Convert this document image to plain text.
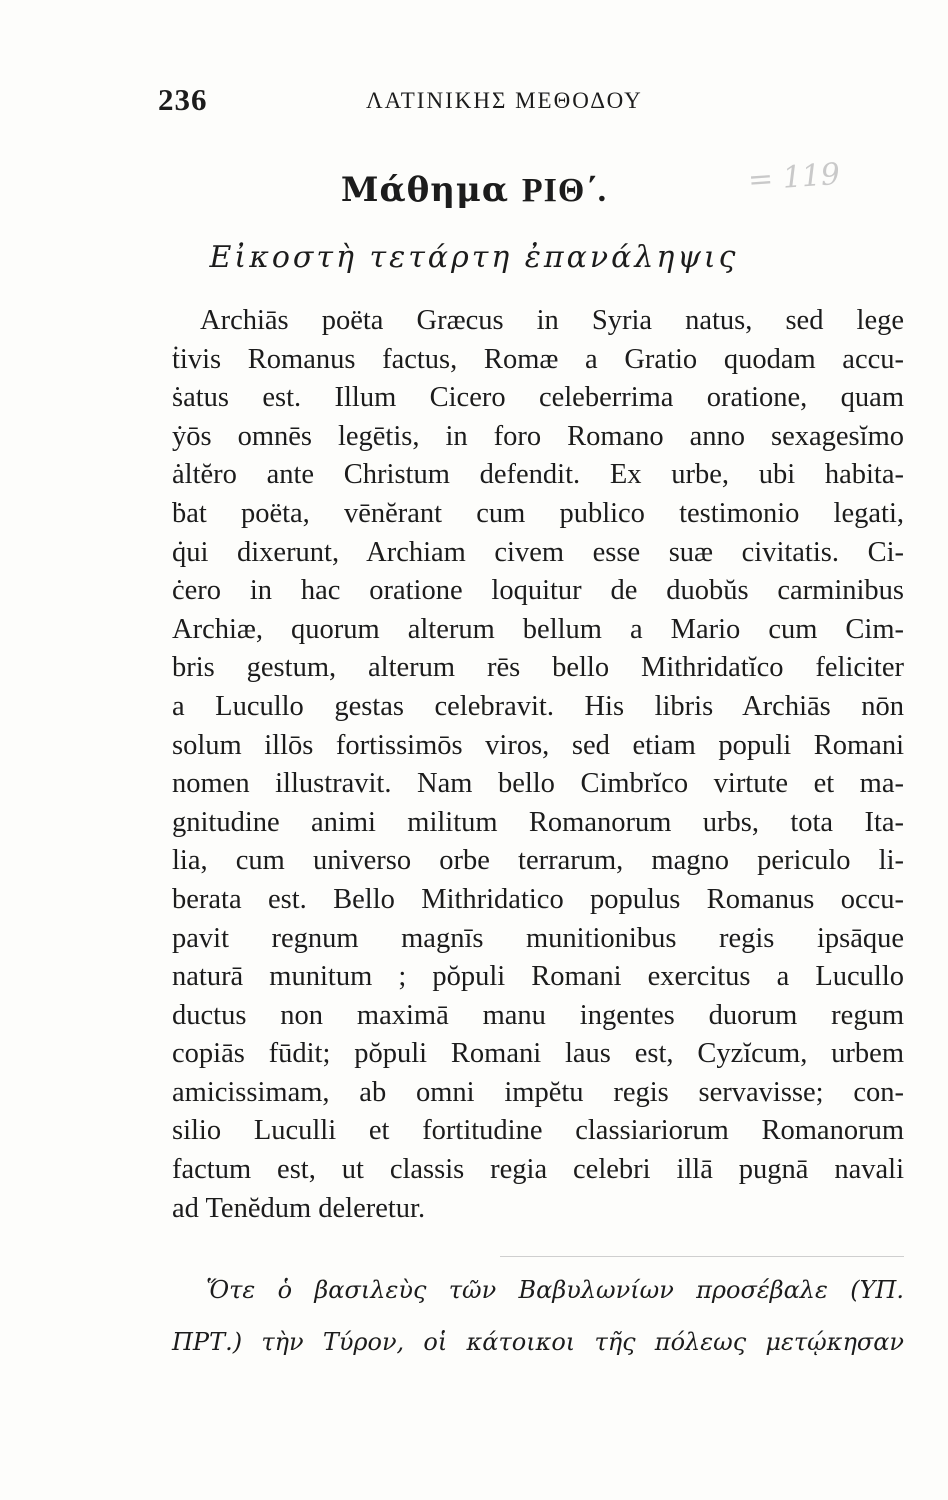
236	ΛΑΤΙΝΙΚΗΣ ΜΕΘΟΔΟΥ
Μάθημα ΡΙΘ΄.	= 119
Εἰκοστὴ τετάρτη ἐπανάληψις
Archiās poëta Græcus in Syria natus, sed lege
ṫivis Romanus factus, Romæ a Gratio quodam accu-
ṡatus est. Illum Cicero celeberrima oratione, quam
ẏōs omnēs legētis, in foro Romano anno sexagesĭmo
ȧltĕro ante Christum defendit. Ex urbe, ubi habita-
ḃat poëta, vēnĕrant cum publico testimonio legati,
q̇ui dixerunt, Archiam civem esse suæ civitatis. Ci-
ċero in hac oratione loquitur de duobŭs carminibus
Archiæ, quorum alterum bellum a Mario cum Cim-
bris gestum, alterum rēs bello Mithridatĭco feliciter
a Lucullo gestas celebravit. His libris Archiās nōn
solum illōs fortissimōs viros, sed etiam populi Romani
nomen illustravit. Nam bello Cimbrĭco virtute et ma-
gnitudine animi militum Romanorum urbs, tota Ita-
lia, cum universo orbe terrarum, magno periculo li-
berata est. Bello Mithridatico populus Romanus occu-
pavit regnum magnīs munitionibus regis ipsāque
naturā munitum ; pŏpuli Romani exercitus a Lucullo
ductus non maximā manu ingentes duorum regum
copiās fūdit; pŏpuli Romani laus est, Cyzĭcum, urbem
amicissimam, ab omni impĕtu regis servavisse; con-
silio Luculli et fortitudine classiariorum Romanorum
factum est, ut classis regia celebri illā pugnā navali
ad Tenĕdum deleretur.
Ὅτε ὁ βασιλεὺς τῶν Βαβυλωνίων προσέβαλε (ΥΠ.
ΠΡΤ.) τὴν Τύρον, οἱ κάτοικοι τῆς πόλεως μετῴκησαν
